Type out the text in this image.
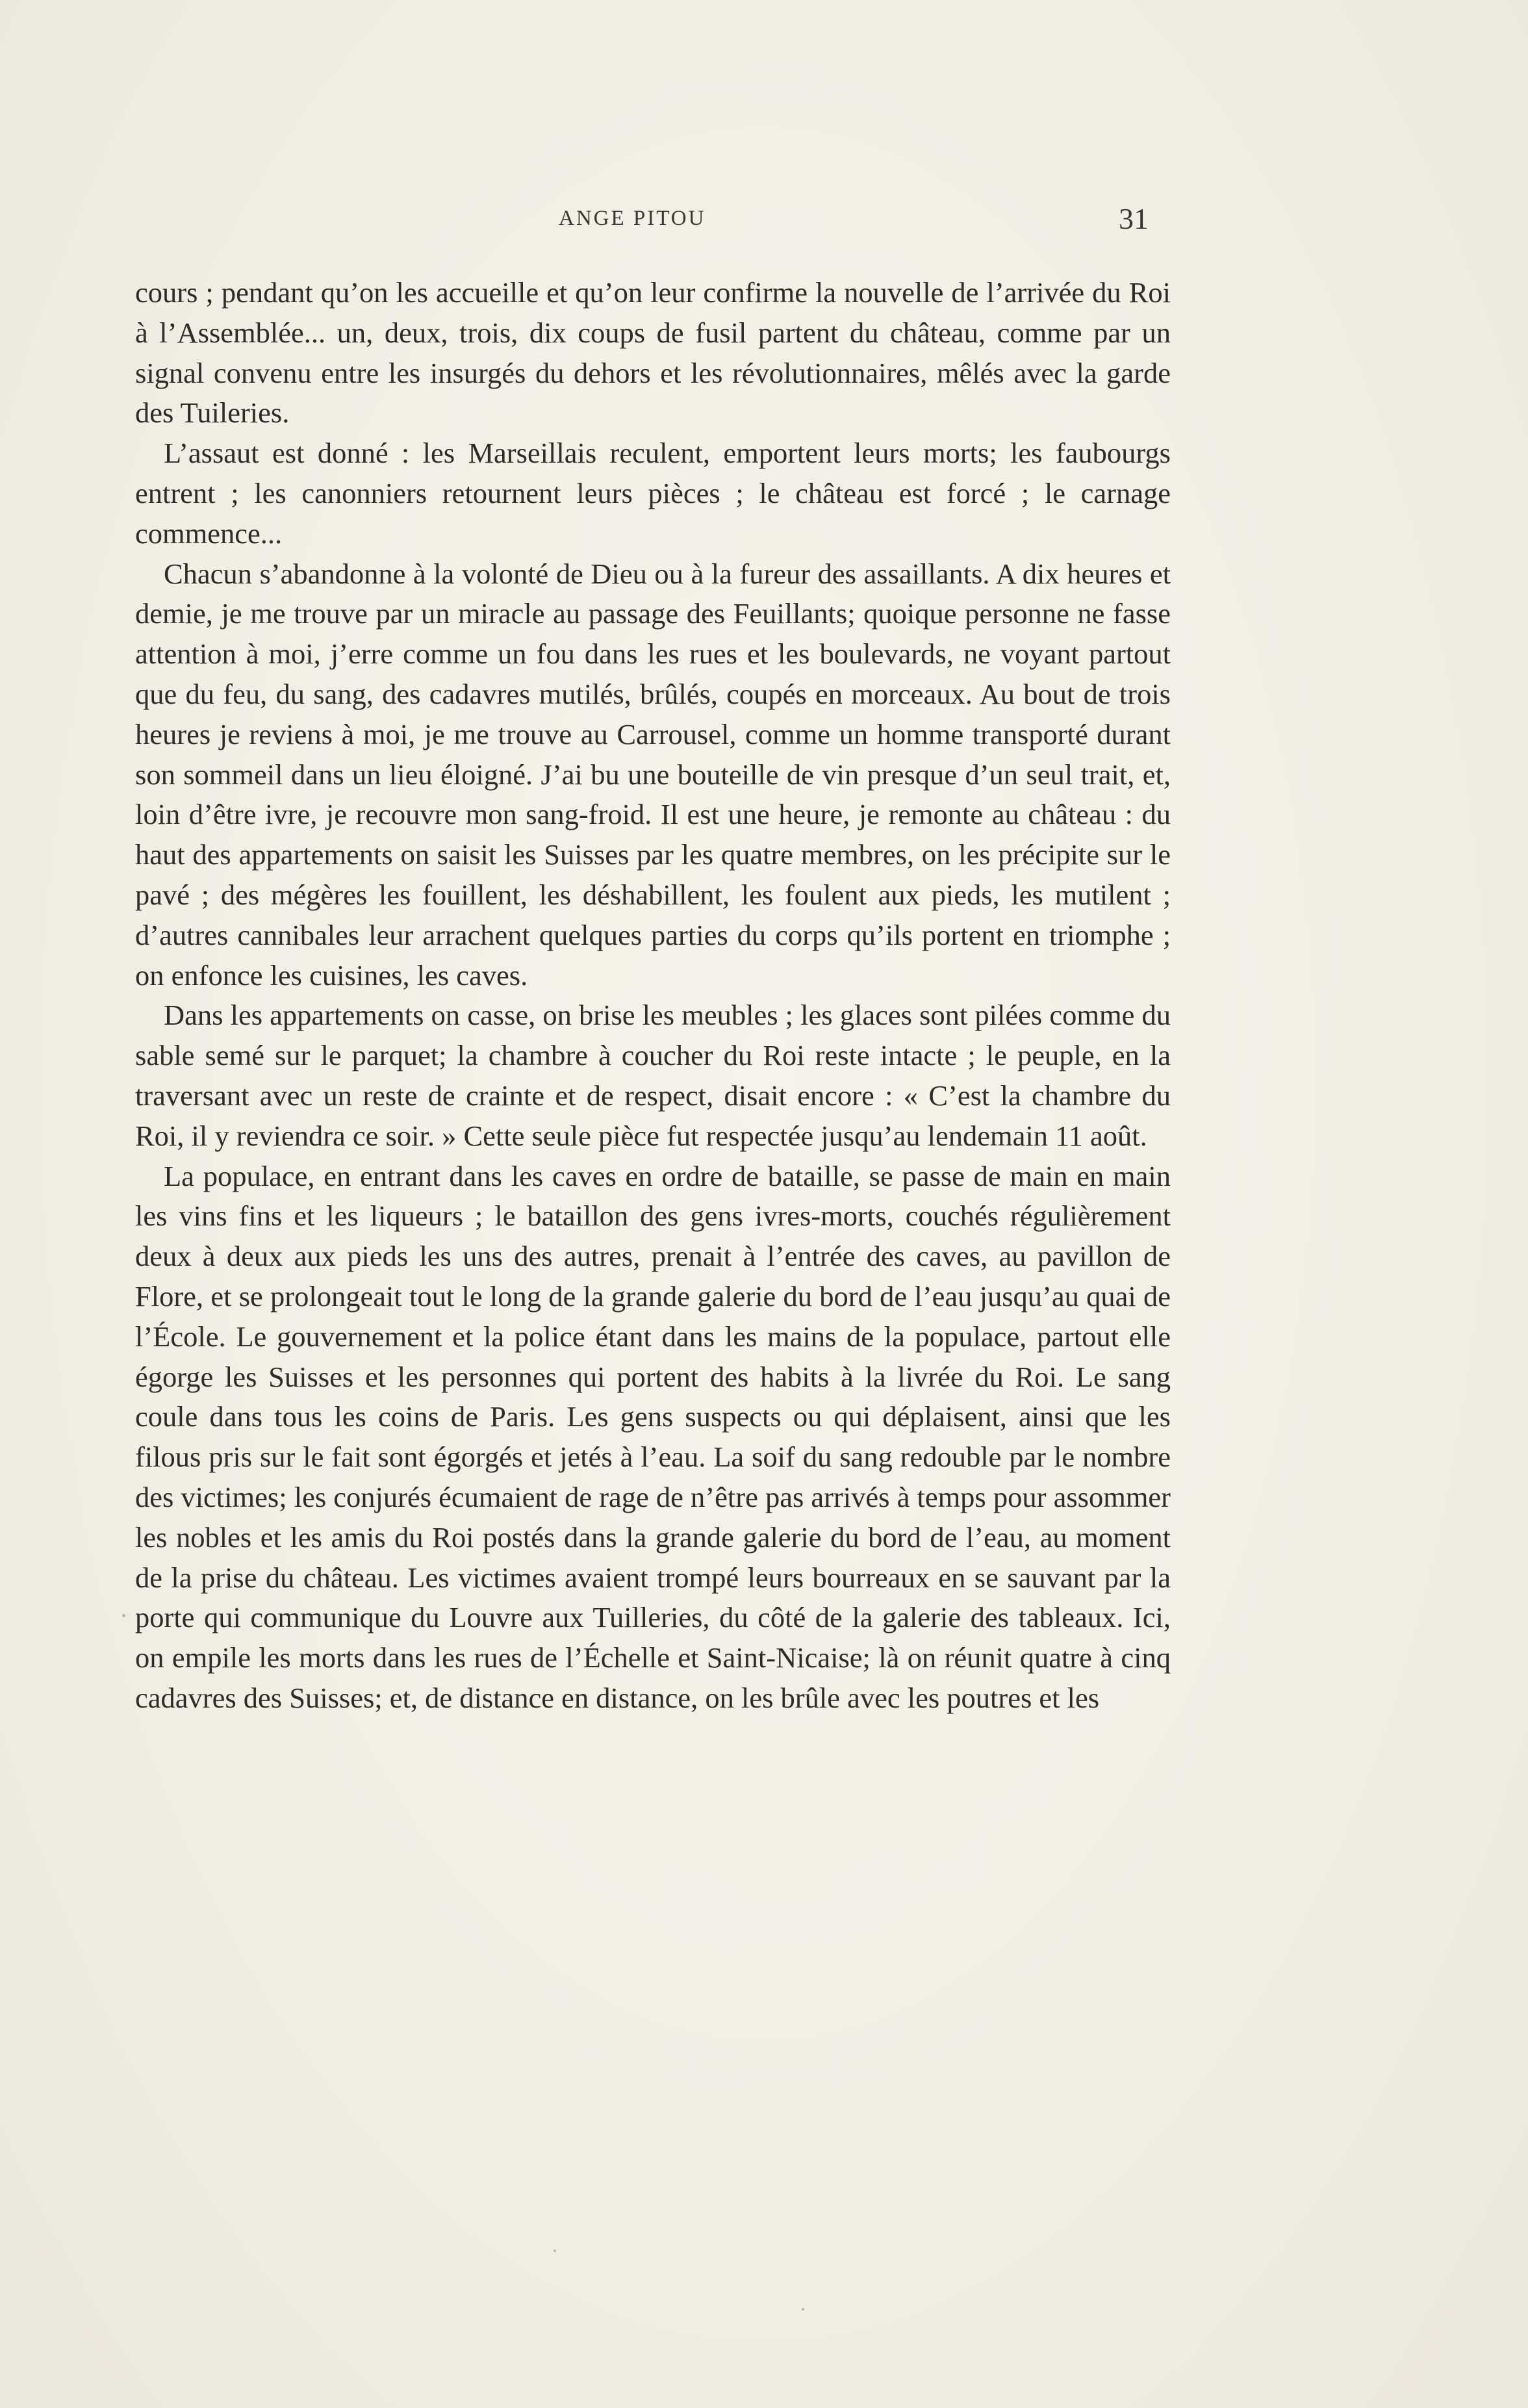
ANGE PITOU	31

cours ; pendant qu’on les accueille et qu’on leur confirme la nouvelle de l’arrivée du Roi à l’Assemblée... un, deux, trois, dix coups de fusil partent du château, comme par un signal convenu entre les insurgés du dehors et les révolutionnaires, mêlés avec la garde des Tuileries.

L’assaut est donné : les Marseillais reculent, emportent leurs morts; les faubourgs entrent ; les canonniers retournent leurs pièces ; le château est forcé ; le carnage commence...

Chacun s’abandonne à la volonté de Dieu ou à la fureur des assaillants. A dix heures et demie, je me trouve par un miracle au passage des Feuillants; quoique personne ne fasse attention à moi, j’erre comme un fou dans les rues et les boulevards, ne voyant partout que du feu, du sang, des cadavres mutilés, brûlés, coupés en morceaux. Au bout de trois heures je reviens à moi, je me trouve au Carrousel, comme un homme transporté durant son sommeil dans un lieu éloigné. J’ai bu une bouteille de vin presque d’un seul trait, et, loin d’être ivre, je recouvre mon sang-froid. Il est une heure, je remonte au château : du haut des appartements on saisit les Suisses par les quatre membres, on les précipite sur le pavé ; des mégères les fouillent, les déshabillent, les foulent aux pieds, les mutilent ; d’autres cannibales leur arrachent quelques parties du corps qu’ils portent en triomphe ; on enfonce les cuisines, les caves.

Dans les appartements on casse, on brise les meubles ; les glaces sont pilées comme du sable semé sur le parquet; la chambre à coucher du Roi reste intacte ; le peuple, en la traversant avec un reste de crainte et de respect, disait encore : « C’est la chambre du Roi, il y reviendra ce soir. » Cette seule pièce fut respectée jusqu’au lendemain 11 août.

La populace, en entrant dans les caves en ordre de bataille, se passe de main en main les vins fins et les liqueurs ; le bataillon des gens ivres-morts, couchés régulièrement deux à deux aux pieds les uns des autres, prenait à l’entrée des caves, au pavillon de Flore, et se prolongeait tout le long de la grande galerie du bord de l’eau jusqu’au quai de l’École. Le gouvernement et la police étant dans les mains de la populace, partout elle égorge les Suisses et les personnes qui portent des habits à la livrée du Roi. Le sang coule dans tous les coins de Paris. Les gens suspects ou qui déplaisent, ainsi que les filous pris sur le fait sont égorgés et jetés à l’eau. La soif du sang redouble par le nombre des victimes; les conjurés écumaient de rage de n’être pas arrivés à temps pour assommer les nobles et les amis du Roi postés dans la grande galerie du bord de l’eau, au moment de la prise du château. Les victimes avaient trompé leurs bourreaux en se sauvant par la porte qui communique du Louvre aux Tuilleries, du côté de la galerie des tableaux. Ici, on empile les morts dans les rues de l’Échelle et Saint-Nicaise; là on réunit quatre à cinq cadavres des Suisses; et, de distance en distance, on les brûle avec les poutres et les
